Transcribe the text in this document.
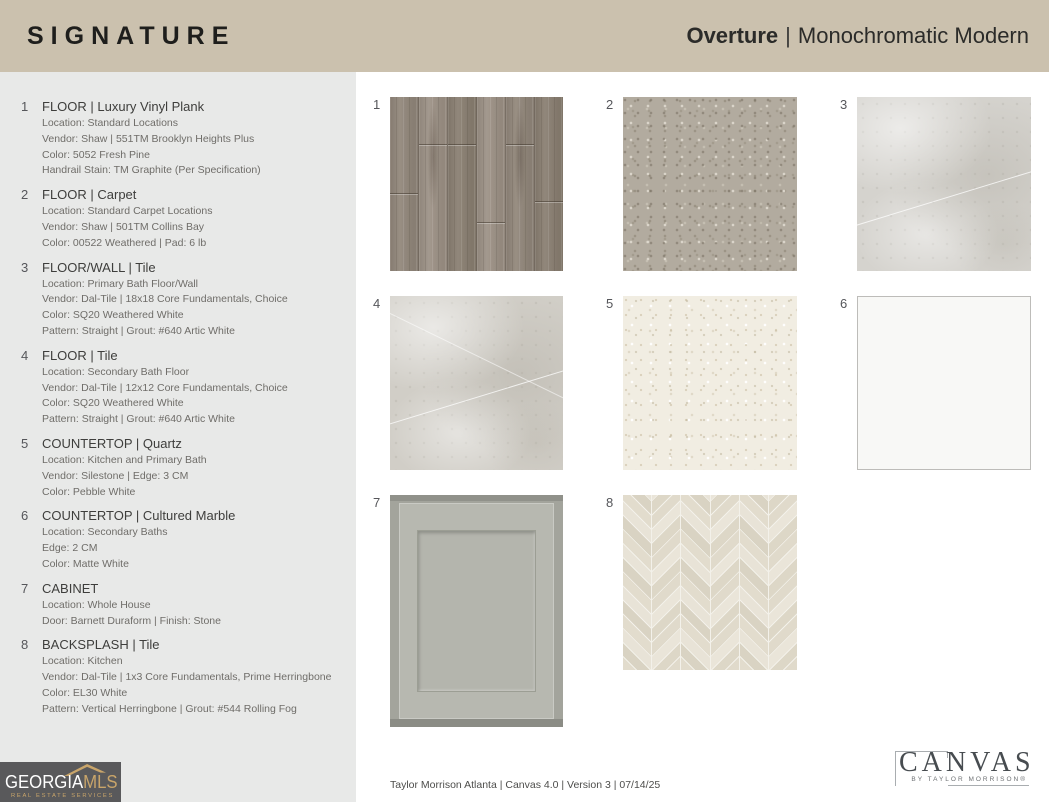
SIGNATURE	Overture | Monochromatic Modern
1	FLOOR | Luxury Vinyl Plank
Location: Standard Locations
Vendor: Shaw | 551TM Brooklyn Heights Plus
Color: 5052 Fresh Pine
Handrail Stain: TM Graphite (Per Specification)
2	FLOOR | Carpet
Location: Standard Carpet Locations
Vendor: Shaw | 501TM Collins Bay
Color: 00522 Weathered | Pad: 6 lb
3	FLOOR/WALL | Tile
Location: Primary Bath Floor/Wall
Vendor: Dal-Tile | 18x18 Core Fundamentals, Choice
Color: SQ20 Weathered White
Pattern: Straight | Grout: #640 Artic White
4	FLOOR | Tile
Location: Secondary Bath Floor
Vendor: Dal-Tile | 12x12 Core Fundamentals, Choice
Color: SQ20 Weathered White
Pattern: Straight | Grout: #640 Artic White
5	COUNTERTOP | Quartz
Location: Kitchen and Primary Bath
Vendor: Silestone | Edge: 3 CM
Color: Pebble White
6	COUNTERTOP | Cultured Marble
Location: Secondary Baths
Edge: 2 CM
Color: Matte White
7	CABINET
Location: Whole House
Door: Barnett Duraform | Finish: Stone
8	BACKSPLASH | Tile
Location: Kitchen
Vendor: Dal-Tile | 1x3 Core Fundamentals, Prime Herringbone
Color: EL30 White
Pattern: Vertical Herringbone | Grout: #544 Rolling Fog
GEORGIAMLS
REAL ESTATE SERVICES
1	2	3
4	5	6
7	8
Taylor Morrison Atlanta | Canvas 4.0 | Version 3 | 07/14/25
CANVAS
BY TAYLOR MORRISON®
